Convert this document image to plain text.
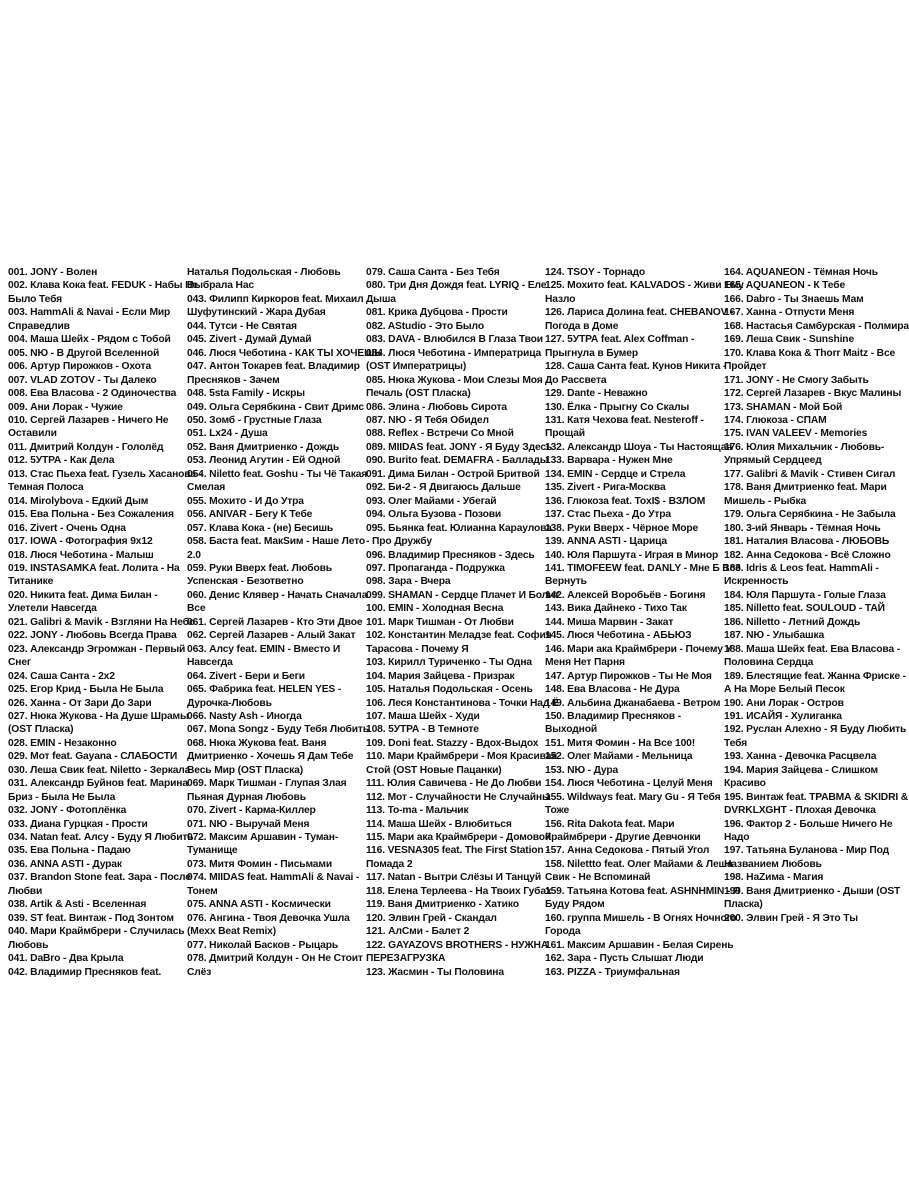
001. JONY - Волен
002. Клава Кока feat. FEDUK - Набы Не
Было Тебя
003. HammAli & Navai - Если Мир
Справедлив
004. Маша Шейх - Рядом с Тобой
005. NЮ - В Другой Вселенной
006. Артур Пирожков - Охота
007. VLAD ZOTOV - Ты Далеко
008. Ева Власова - 2 Одиночества
009. Ани Лорак - Чужие
010. Сергей Лазарев - Ничего Не
Оставили
011. Дмитрий Колдун - Гололёд
012. 5УТРА - Как Дела
013. Стас Пьеха feat. Гузель Хасанова -
Темная Полоса
014. Mirolybova - Едкий Дым
015. Ева Польна - Без Сожаления
016. Zivert - Очень Одна
017. IOWA - Фотография 9х12
018. Люся Чеботина - Малыш
019. INSTASAMKA feat. Лолита - На
Титанике
020. Никита feat. Дима Билан -
Улетели Навсегда
021. Galibri & Mavik - Взгляни На Небо
022. JONY - Любовь Всегда Права
023. Александр Эгромжан - Первый
Снег
024. Саша Санта - 2х2
025. Егор Крид - Была Не Была
026. Ханна - От Зари До Зари
027. Нюка Жукова - На Душе Шрамы
(OST Пласка)
028. EMIN - Незаконно
029. Мот feat. Gayana - СЛАБОСТИ
030. Леша Свик feat. Niletto - Зеркала
031. Александр Буйнов feat. Марина
Бриз - Была Не Была
032. JONY - Фотоплёнка
033. Диана Гурцкая - Прости
034. Natan feat. Алсу - Буду Я Любить
035. Ева Польна - Падаю
036. ANNA ASTI - Дурак
037. Brandon Stone feat. Зара - После
Любви
038. Artik & Asti - Вселенная
039. ST feat. Винтаж - Под Зонтом
040. Мари Краймбрери - Случилась
Любовь
041. DaBro - Два Крыла
042. Владимир Пресняков feat.
Наталья Подольская - Любовь
Выбрала Нас
043. Филипп Киркоров feat. Михаил
Шуфутинский - Жара Дубая
044. Тутси - Не Святая
045. Zivert - Думай Думай
046. Люся Чеботина - КАК ТЫ ХОЧЕШЬ
047. Антон Токарев feat. Владимир
Пресняков - Зачем
048. 5sta Family - Искры
049. Ольга Серябкина - Свит Дримс
050. Зомб - Грустные Глаза
051. Lx24 - Душа
052. Ваня Дмитриенко - Дождь
053. Леонид Агутин - Ей Одной
054. Niletto feat. Goshu - Ты Чё Такая
Смелая
055. Мохито - И До Утра
056. ANIVAR - Бегу К Тебе
057. Клава Кока - (не) Бесишь
058. Баста feat. МакSим - Наше Лето
2.0
059. Руки Вверх feat. Любовь
Успенская - Безответно
060. Денис Клявер - Начать Сначала
Все
061. Сергей Лазарев - Кто Эти Двое
062. Сергей Лазарев - Алый Закат
063. Алсу feat. EMIN - Вместо И
Навсегда
064. Zivert - Бери и Беги
065. Фабрика feat. HELEN YES -
Дурочка-Любовь
066. Nasty Ash - Иногда
067. Mona Songz - Буду Тебя Любить
068. Нюка Жукова feat. Ваня
Дмитриенко - Хочешь Я Дам Тебе
Весь Мир (OST Пласка)
069. Марк Тишман - Глупая Злая
Пьяная Дурная Любовь
070. Zivert - Карма-Киллер
071. NЮ - Выручай Меня
072. Максим Аршавин - Туман-
Туманище
073. Митя Фомин - Письмами
074. MIIDAS feat. HammAli & Navai -
Тонем
075. ANNA ASTI - Космически
076. Ангина - Твоя Девочка Ушла
(Mexx Beat Remix)
077. Николай Басков - Рыцарь
078. Дмитрий Колдун - Он Не Стоит
Слёз
079. Саша Санта - Без Тебя
080. Три Дня Дождя feat. LYRIQ - Еле
Дыша
081. Крика Дубцова - Прости
082. AStudio - Это Было
083. DAVA - Влюбился В Глаза Твои
084. Люся Чеботина - Императрица
(OST Императрицы)
085. Нюка Жукова - Мои Слезы Моя
Печаль (OST Пласка)
086. Элина - Любовь Сирота
087. NЮ - Я Тебя Обидел
088. Reflex - Встречи Со Мной
089. MIIDAS feat. JONY - Я Буду Здесь
090. Burito feat. DEMAFRA - Баллады
091. Дима Билан - Острой Бритвой
092. Би-2 - Я Двигаюсь Дальше
093. Олег Майами - Убегай
094. Ольга Бузова - Позови
095. Бьянка feat. Юлианна Караулова
- Про Дружбу
096. Владимир Пресняков - Здесь
097. Пропаганда - Подружка
098. Зара - Вчера
099. SHAMAN - Сердце Плачет И Болит
100. EMIN - Холодная Весна
101. Марк Тишман - От Любви
102. Константин Меладзе feat. София
Тарасова - Почему Я
103. Кирилл Туриченко - Ты Одна
104. Мария Зайцева - Призрак
105. Наталья Подольская - Осень
106. Леся Константинова - Точки Над Ё
107. Маша Шейх - Худи
108. 5УТРА - В Темноте
109. Doni feat. Stazzy - Вдох-Выдох
110. Мари Краймбрери - Моя Красивая
Стой (OST Новые Пацанки)
111. Юлия Савичева - Не До Любви
112. Мот - Случайности Не Случайны
113. To-ma - Мальчик
114. Маша Шейх - Влюбиться
115. Мари ака Краймбрери - Домовой
116. VESNA305 feat. The First Station -
Помада 2
117. Natan - Вытри Слёзы И Танцуй
118. Елена Терлеева - На Твоих Губах
119. Ваня Дмитриенко - Хатико
120. Элвин Грей - Скандал
121. АлСми - Балет 2
122. GAYAZOVS BROTHERS - НУЖНА
ПЕРЕЗАГРУЗКА
123. Жасмин - Ты Половина
124. TSOY - Торнадо
125. Мохито feat. KALVADOS - Живи Ему
Назло
126. Лариса Долина feat. CHEBANOV -
Погода в Доме
127. 5УТРА feat. Alex Coffman -
Прыгнула в Бумер
128. Саша Санта feat. Кунов Никита -
До Рассвета
129. Dante - Неважно
130. Ёлка - Прыгну Со Скалы
131. Катя Чехова feat. Nesteroff -
Прощай
132. Александр Шоуа - Ты Настоящая
133. Варвара - Нужен Мне
134. EMIN - Сердце и Стрела
135. Zivert - Рига-Москва
136. Глюкоза feat. ToxI$ - ВЗЛОМ
137. Стас Пьеха - До Утра
138. Руки Вверх - Чёрное Море
139. ANNA ASTI - Царица
140. Юля Паршута - Играя в Минор
141. TIMOFEEW feat. DANLY - Мне Б Всё
Вернуть
142. Алексей Воробьёв - Богиня
143. Вика Дайнеко - Тихо Так
144. Миша Марвин - Закат
145. Люся Чеботина - АБЬЮЗ
146. Мари ака Краймбрери - Почему У
Меня Нет Парня
147. Артур Пирожков - Ты Не Моя
148. Ева Власова - Не Дура
149. Альбина Джанабаева - Ветром
150. Владимир Пресняков -
Выходной
151. Митя Фомин - На Все 100!
152. Олег Майами - Мельница
153. NЮ - Дура
154. Люся Чеботина - Целуй Меня
155. Wildways feat. Mary Gu - Я Тебя
Тоже
156. Rita Dakota feat. Мари
Краймбрери - Другие Девчонки
157. Анна Седокова - Пятый Угол
158. Nilettto feat. Олег Майами & Леша
Свик - Не Вспоминай
159. Татьяна Котова feat. ASHNHMIN - Я
Буду Рядом
160. группа Мишель - В Огнях Ночного
Города
161. Максим Аршавин - Белая Сирень
162. Зара - Пусть Слышат Люди
163. PIZZA - Триумфальная
164. AQUANEON - Тёмная Ночь
165. AQUANEON - К Тебе
166. Dabro - Ты Знаешь Мам
167. Ханна - Отпусти Меня
168. Настасья Самбурская - Полмира
169. Леша Свик - Sunshine
170. Клава Кока & Thorr Maitz - Все
Пройдет
171. JONY - Не Смогу Забыть
172. Сергей Лазарев - Вкус Малины
173. SHAMAN - Мой Бой
174. Глюкоза - СПАМ
175. IVAN VALEEV - Memories
176. Юлия Михальчик - Любовь-
Упрямый Сердцеед
177. Galibri & Mavik - Стивен Сигал
178. Ваня Дмитриенко feat. Мари
Мишель - Рыбка
179. Ольга Серябкина - Не Забыла
180. 3-ий Январь - Тёмная Ночь
181. Наталия Власова - ЛЮБОВЬ
182. Анна Седокова - Всё Сложно
183. Idris & Leos feat. HammAli -
Искренность
184. Юля Паршута - Голые Глаза
185. Nilletto feat. SOULOUD - ТАЙ
186. Nilletto - Летний Дождь
187. NЮ - Улыбашка
188. Маша Шейх feat. Ева Власова -
Половина Сердца
189. Блестящие feat. Жанна Фриске -
А На Море Белый Песок
190. Ани Лорак - Остров
191. ИСАЙЯ - Хулиганка
192. Руслан Алехно - Я Буду Любить
Тебя
193. Ханна - Девочка Расцвела
194. Мария Зайцева - Слишком
Красиво
195. Винтаж feat. ТРАВМА & SKIDRI &
DVRKLXGHT - Плохая Девочка
196. Фактор 2 - Больше Ничего Не
Надо
197. Татьяна Буланова - Мир Под
Названием Любовь
198. HaZима - Магия
199. Ваня Дмитриенко - Дыши (OST
Пласка)
200. Элвин Грей - Я Это Ты
